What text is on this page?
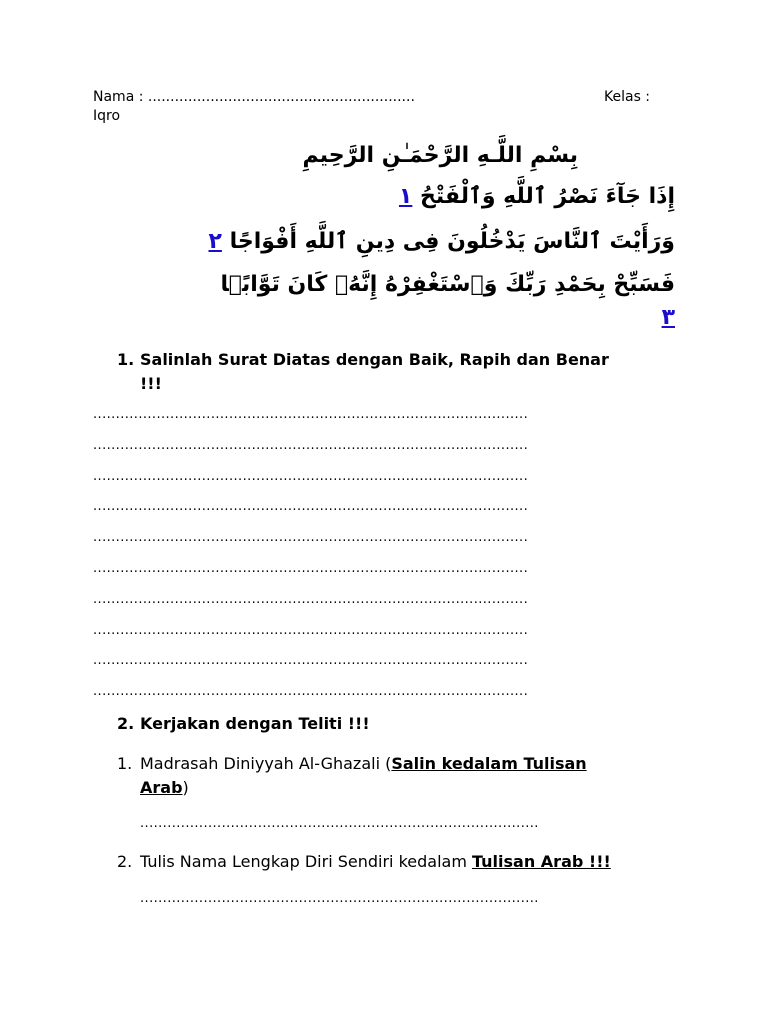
Nama : ............................................................	Kelas :
Iqro
بِسْمِ اللَّـهِ الرَّحْمَـٰنِ الرَّحِيمِ
إِذَا جَآءَ نَصْرُ ٱللَّهِ وَٱلْفَتْحُ ١
وَرَأَيْتَ ٱلنَّاسَ يَدْخُلُونَ فِى دِينِ ٱللَّهِ أَفْوَاجًا ٢
فَسَبِّحْ بِحَمْدِ رَبِّكَ وَٱسْتَغْفِرْهُ إِنَّهُۥ كَانَ تَوَّابًۢا
٣
1. Salinlah Surat Diatas dengan Baik, Rapih dan Benar
!!!
................................................................................................
................................................................................................
................................................................................................
................................................................................................
................................................................................................
................................................................................................
................................................................................................
................................................................................................
................................................................................................
................................................................................................
2. Kerjakan dengan Teliti !!!
1. Madrasah Diniyyah Al-Ghazali (Salin kedalam Tulisan
Arab)
........................................................................................
2. Tulis Nama Lengkap Diri Sendiri kedalam Tulisan Arab !!!
........................................................................................
